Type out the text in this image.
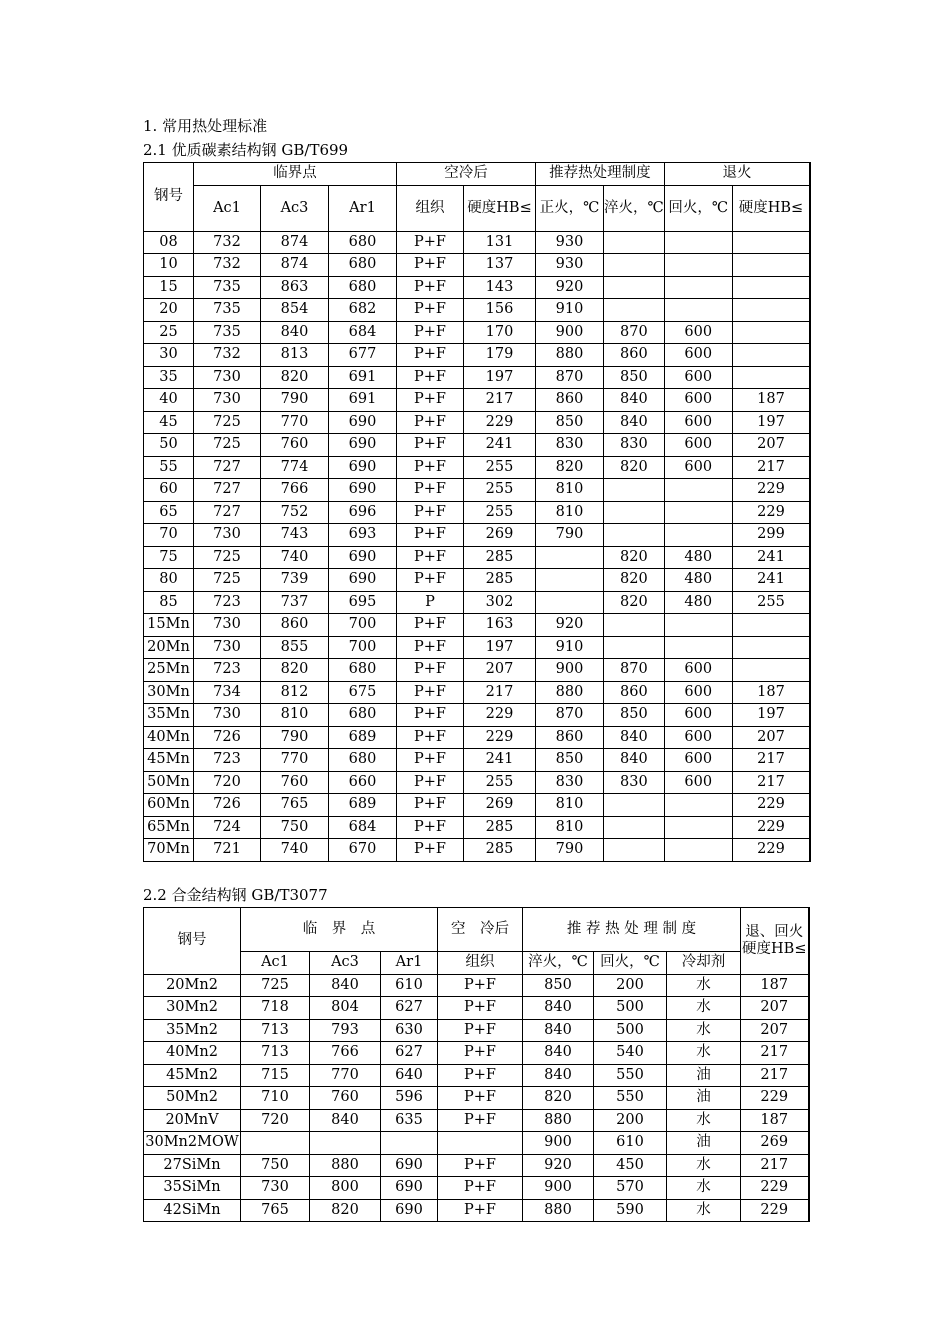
1. 常用热处理标准
2.1 优质碳素结构钢 GB/T699
钢号	临界点			空冷后		推荐热处理制度		退火	
	Ac1	Ac3	Ar1	组织	硬度HB≤	正火，℃	淬火，℃	回火，℃	硬度HB≤
08	732	874	680	P+F	131	930			
10	732	874	680	P+F	137	930			
15	735	863	680	P+F	143	920			
20	735	854	682	P+F	156	910			
25	735	840	684	P+F	170	900	870	600	
30	732	813	677	P+F	179	880	860	600	
35	730	820	691	P+F	197	870	850	600	
40	730	790	691	P+F	217	860	840	600	187
45	725	770	690	P+F	229	850	840	600	197
50	725	760	690	P+F	241	830	830	600	207
55	727	774	690	P+F	255	820	820	600	217
60	727	766	690	P+F	255	810			229
65	727	752	696	P+F	255	810			229
70	730	743	693	P+F	269	790			299
75	725	740	690	P+F	285		820	480	241
80	725	739	690	P+F	285		820	480	241
85	723	737	695	P	302		820	480	255
15Mn	730	860	700	P+F	163	920			
20Mn	730	855	700	P+F	197	910			
25Mn	723	820	680	P+F	207	900	870	600	
30Mn	734	812	675	P+F	217	880	860	600	187
35Mn	730	810	680	P+F	229	870	850	600	197
40Mn	726	790	689	P+F	229	860	840	600	207
45Mn	723	770	680	P+F	241	850	840	600	217
50Mn	720	760	660	P+F	255	830	830	600	217
60Mn	726	765	689	P+F	269	810			229
65Mn	724	750	684	P+F	285	810			229
70Mn	721	740	670	P+F	285	790			229
2.2 合金结构钢 GB/T3077
钢号	临　界　点			空　冷后	推 荐 热 处 理 制 度			退、回火硬度HB≤
	Ac1	Ac3	Ar1	组织	淬火，℃	回火，℃	冷却剂	
20Mn2	725	840	610	P+F	850	200	水	187
30Mn2	718	804	627	P+F	840	500	水	207
35Mn2	713	793	630	P+F	840	500	水	207
40Mn2	713	766	627	P+F	840	540	水	217
45Mn2	715	770	640	P+F	840	550	油	217
50Mn2	710	760	596	P+F	820	550	油	229
20MnV	720	840	635	P+F	880	200	水	187
30Mn2MOW					900	610	油	269
27SiMn	750	880	690	P+F	920	450	水	217
35SiMn	730	800	690	P+F	900	570	水	229
42SiMn	765	820	690	P+F	880	590	水	229
